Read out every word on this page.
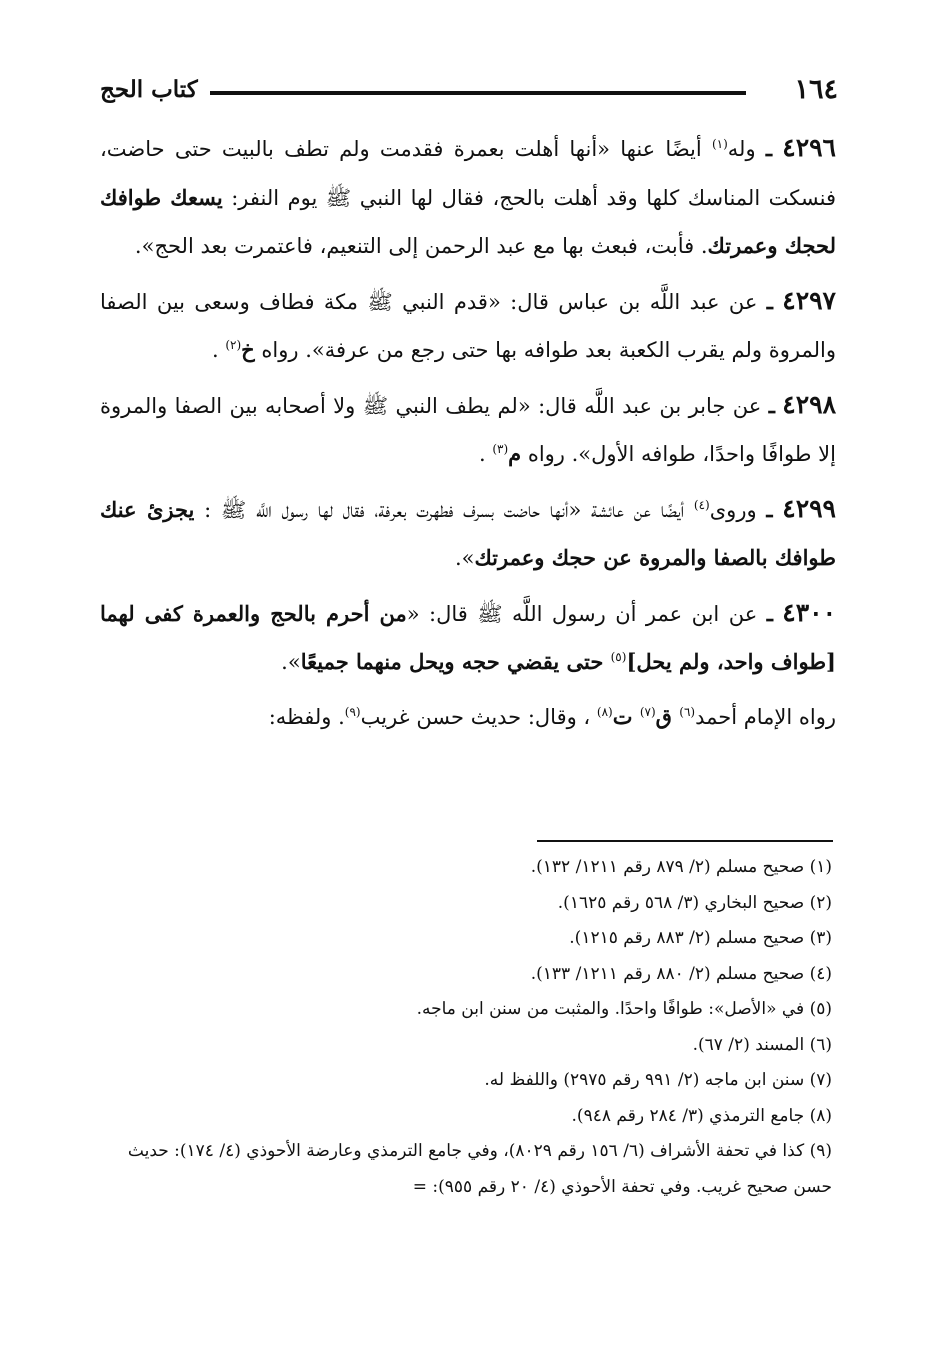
١٦٤
كتاب الحج

٤٢٩٦ ـ وله$^{(١)}$ أيضًا عنها «أنها أهلت بعمرة فقدمت ولم تطف بالبيت حتى حاضت، فنسكت المناسك كلها وقد أهلت بالحج، فقال لها النبي ﷺ يوم النفر: يسعك طوافك لحجك وعمرتك. فأبت، فبعث بها مع عبد الرحمن إلى التنعيم، فاعتمرت بعد الحج».

٤٢٩٧ ـ عن عبد اللَّه بن عباس قال: «قدم النبي ﷺ مكة فطاف وسعى بين الصفا والمروة ولم يقرب الكعبة بعد طوافه بها حتى رجع من عرفة». رواه خ$^{(٢)}$ .

٤٢٩٨ ـ عن جابر بن عبد اللَّه قال: «لم يطف النبي ﷺ ولا أصحابه بين الصفا والمروة إلا طوافًا واحدًا، طوافه الأول». رواه م$^{(٣)}$ .

٤٢٩٩ ـ وروى$^{(٤)}$ أيضًا عن عائشة «أنها حاضت بسرف فطهرت بعرفة، فقال لها رسول اللَّه ﷺ : يجزئ عنك طوافك بالصفا والمروة عن حجك وعمرتك».

٤٣٠٠ ـ عن ابن عمر أن رسول اللَّه ﷺ قال: «من أحرم بالحج والعمرة كفى لهما [طواف واحد، ولم يحل]$^{(٥)}$ حتى يقضي حجه ويحل منهما جميعًا».

رواه الإمام أحمد$^{(٦)}$ ق$^{(٧)}$ ت$^{(٨)}$ ، وقال: حديث حسن غريب$^{(٩)}$. ولفظه:

(١) صحيح مسلم (٢/ ٨٧٩ رقم ١٢١١/ ١٣٢).

(٢) صحيح البخاري (٣/ ٥٦٨ رقم ١٦٢٥).

(٣) صحيح مسلم (٢/ ٨٨٣ رقم ١٢١٥).

(٤) صحيح مسلم (٢/ ٨٨٠ رقم ١٢١١/ ١٣٣).

(٥) في «الأصل»: طوافًا واحدًا. والمثبت من سنن ابن ماجه.

(٦) المسند (٢/ ٦٧).

(٧) سنن ابن ماجه (٢/ ٩٩١ رقم ٢٩٧٥) واللفظ له.

(٨) جامع الترمذي (٣/ ٢٨٤ رقم ٩٤٨).

(٩) كذا في تحفة الأشراف (٦/ ١٥٦ رقم ٨٠٢٩)، وفي جامع الترمذي وعارضة الأحوذي (٤/ ١٧٤): حديث حسن صحيح غريب. وفي تحفة الأحوذي (٤/ ٢٠ رقم ٩٥٥): =
